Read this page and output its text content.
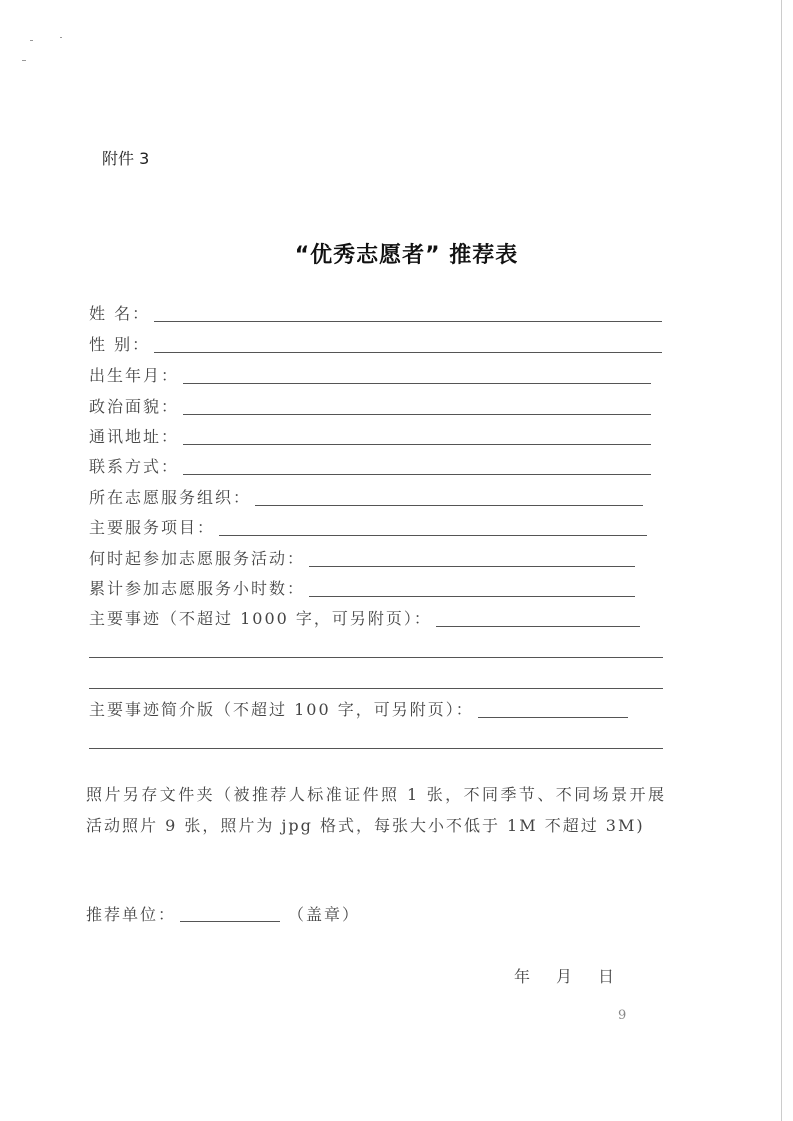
附件 3
“优秀志愿者” 推荐表
姓 名：
性 别：
出生年月：
政治面貌：
通讯地址：
联系方式：
所在志愿服务组织：
主要服务项目：
何时起参加志愿服务活动：
累计参加志愿服务小时数：
主要事迹（不超过 1000 字，可另附页）：
主要事迹简介版（不超过 100 字，可另附页）：
照片另存文件夹（被推荐人标准证件照 1 张，不同季节、不同场景开展活动照片 9 张，照片为 jpg 格式，每张大小不低于 1M 不超过 3M)
推荐单位：	（盖章）
年 月 日
9
